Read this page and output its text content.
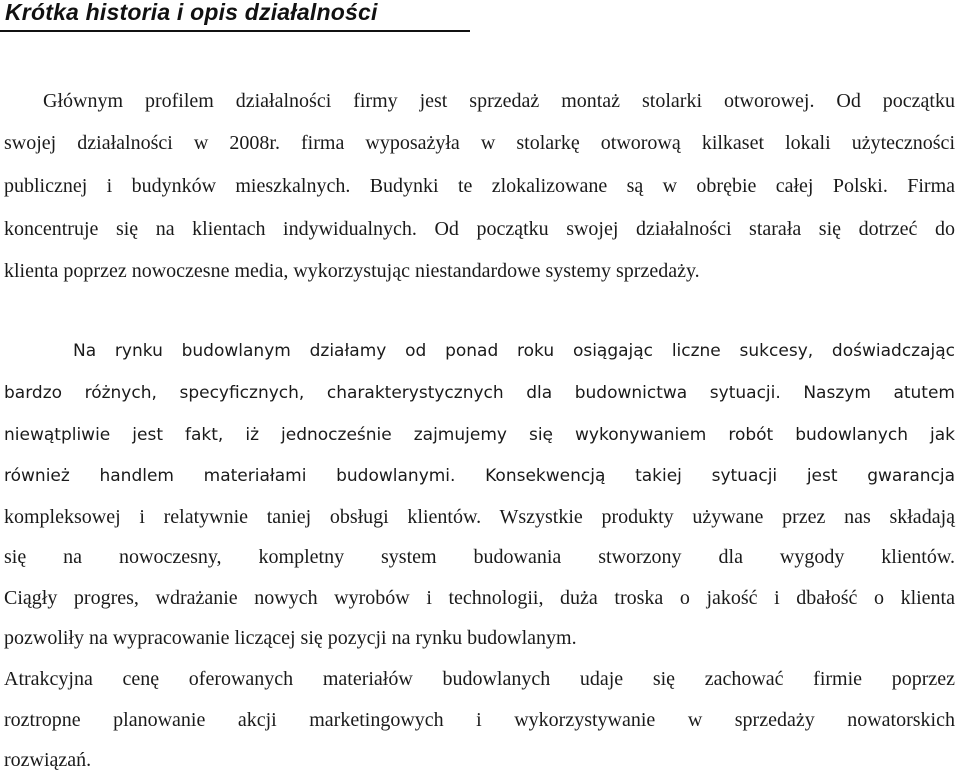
Krótka historia i opis działalności
Głównym profilem działalności firmy jest sprzedaż montaż stolarki otworowej. Od początku
swojej działalności w 2008r. firma wyposażyła w stolarkę otworową kilkaset lokali użyteczności
publicznej i budynków mieszkalnych. Budynki te zlokalizowane są w obrębie całej Polski. Firma
koncentruje się na klientach indywidualnych. Od początku swojej działalności starała się dotrzeć do
klienta poprzez nowoczesne media, wykorzystując niestandardowe systemy sprzedaży.
Na rynku budowlanym działamy od ponad roku osiągając liczne sukcesy, doświadczając
bardzo różnych, specyficznych, charakterystycznych dla budownictwa sytuacji. Naszym atutem
niewątpliwie jest fakt, iż jednocześnie zajmujemy się wykonywaniem robót budowlanych jak
również handlem materiałami budowlanymi. Konsekwencją takiej sytuacji jest gwarancja
kompleksowej i relatywnie taniej obsługi klientów. Wszystkie produkty używane przez nas składają
się na nowoczesny, kompletny system budowania stworzony dla wygody klientów.
Ciągły progres, wdrażanie nowych wyrobów i technologii, duża troska o jakość i dbałość o klienta
pozwoliły na wypracowanie liczącej się pozycji na rynku budowlanym.
Atrakcyjna cenę oferowanych materiałów budowlanych udaje się zachować firmie poprzez
roztropne planowanie akcji marketingowych i wykorzystywanie w sprzedaży nowatorskich
rozwiązań.
